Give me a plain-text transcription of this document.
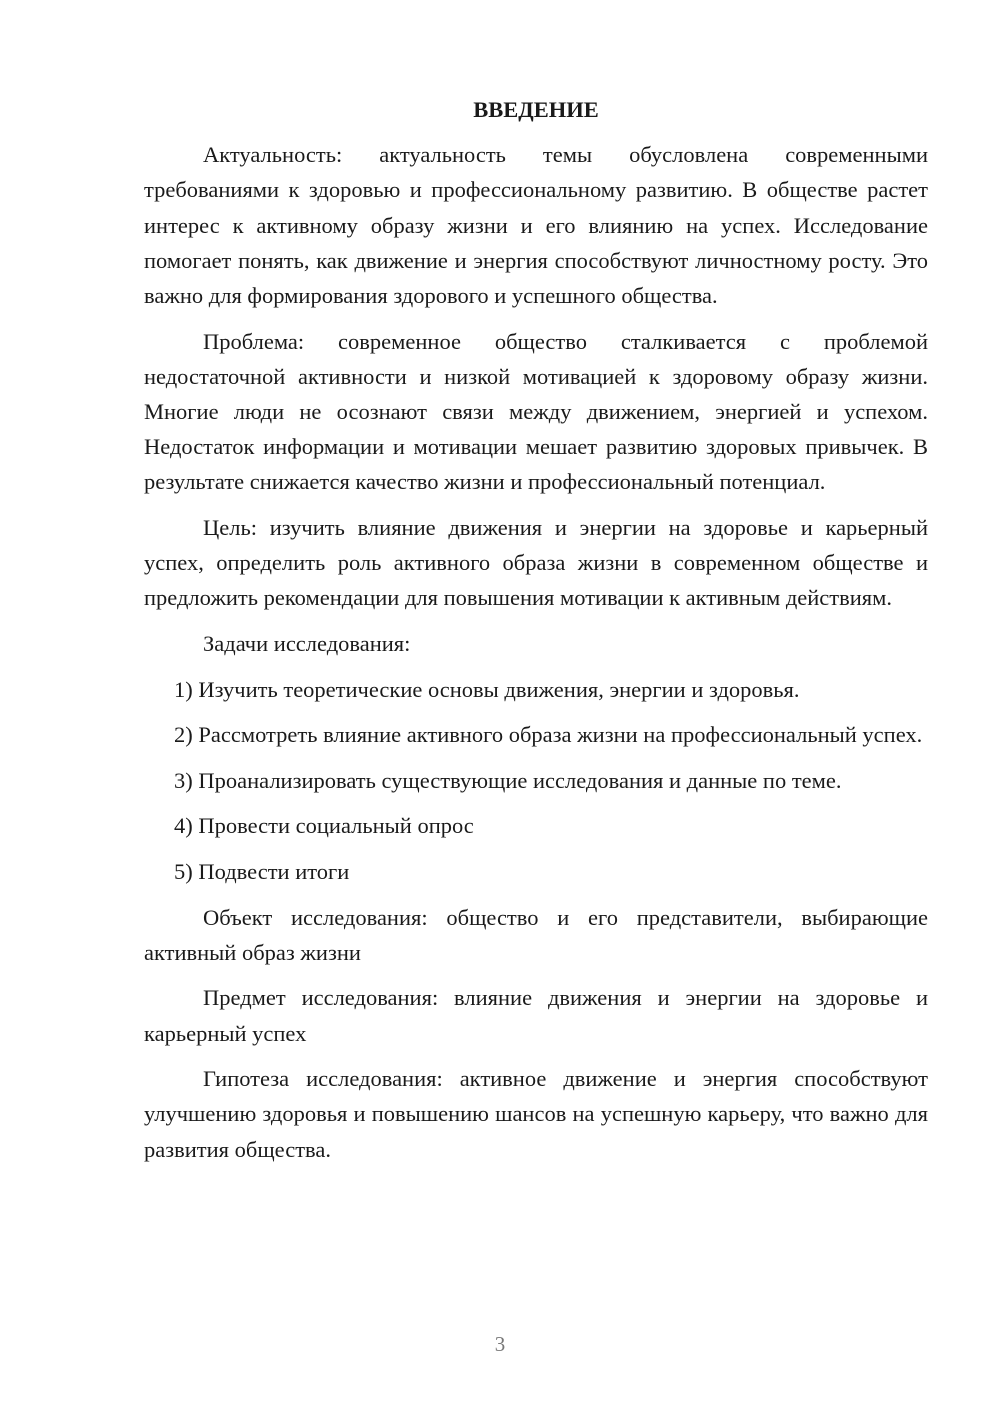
ВВЕДЕНИЕ

Актуальность: актуальность темы обусловлена современными требованиями к здоровью и профессиональному развитию. В обществе растет интерес к активному образу жизни и его влиянию на успех. Исследование помогает понять, как движение и энергия способствуют личностному росту. Это важно для формирования здорового и успешного общества.

Проблема: современное общество сталкивается с проблемой недостаточной активности и низкой мотивацией к здоровому образу жизни. Многие люди не осознают связи между движением, энергией и успехом. Недостаток информации и мотивации мешает развитию здоровых привычек. В результате снижается качество жизни и профессиональный потенциал.

Цель: изучить влияние движения и энергии на здоровье и карьерный успех, определить роль активного образа жизни в современном обществе и предложить рекомендации для повышения мотивации к активным действиям.

Задачи исследования:

1) Изучить теоретические основы движения, энергии и здоровья.

2) Рассмотреть влияние активного образа жизни на профессиональный успех.

3) Проанализировать существующие исследования и данные по теме.

4) Провести социальный опрос

5) Подвести итоги

Объект исследования: общество и его представители, выбирающие активный образ жизни

Предмет исследования: влияние движения и энергии на здоровье и карьерный успех

Гипотеза исследования: активное движение и энергия способствуют улучшению здоровья и повышению шансов на успешную карьеру, что важно для развития общества.

3
